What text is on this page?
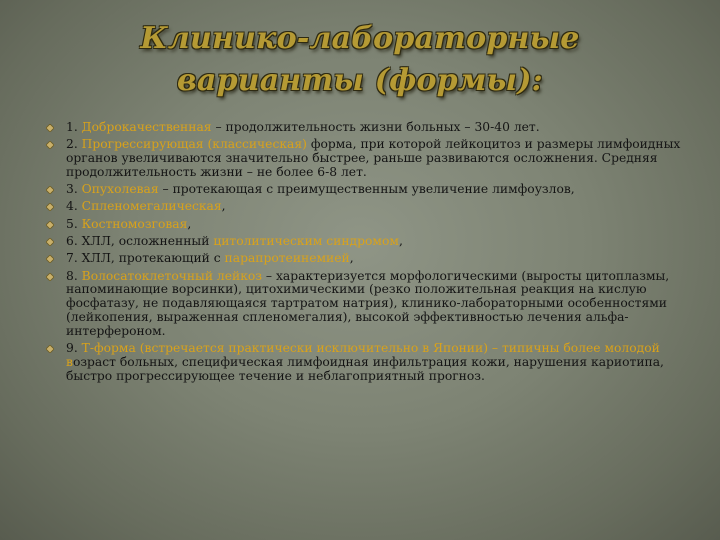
Клинико-лабораторные
варианты (формы):
1. Доброкачественная – продолжительность жизни больных – 30-40 лет.
2. Прогрессирующая (классическая) форма, при которой лейкоцитоз и размеры лимфоидных органов увеличиваются значительно быстрее, раньше развиваются осложнения. Средняя продолжительность жизни – не более 6-8 лет.
3. Опухолевая – протекающая с преимущественным увеличение лимфоузлов,
4. Спленомегалическая,
5. Костномозговая,
6. ХЛЛ, осложненный цитолитическим синдромом,
7. ХЛЛ, протекающий с парапротеинемией,
8. Волосатоклеточный лейкоз – характеризуется морфологическими (выросты цитоплазмы, напоминающие ворсинки), цитохимическими (резко положительная реакция на кислую фосфатазу, не подавляющаяся тартратом натрия), клинико-лабораторными особенностями (лейкопения, выраженная спленомегалия), высокой эффективностью лечения альфа-интерфероном.
9. Т-форма (встречается практически исключительно в Японии) – типичны более молодой возраст больных, специфическая лимфоидная инфильтрация кожи, нарушения кариотипа, быстро прогрессирующее течение и неблагоприятный прогноз.
